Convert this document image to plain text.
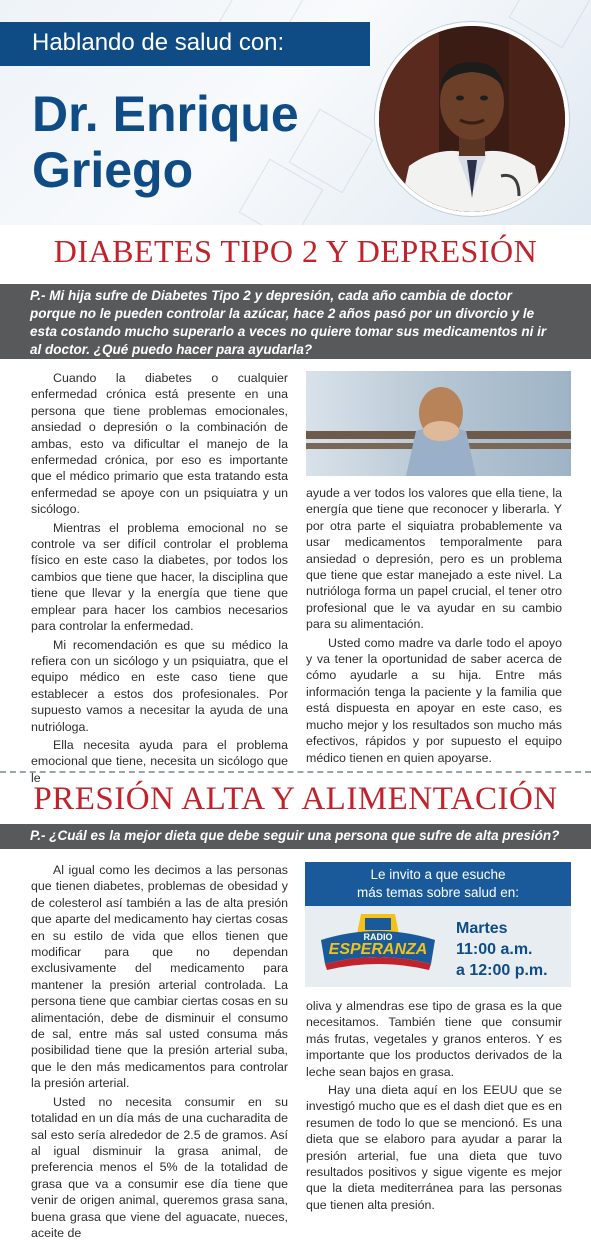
Hablando de salud con:
Dr. Enrique
Griego
DIABETES TIPO 2 Y DEPRESIÓN
P.- Mi hija sufre de Diabetes Tipo 2 y depresión, cada año cambia de doctor porque no le pueden controlar la azúcar, hace 2 años pasó por un divorcio y le esta costando mucho superarlo a veces no quiere tomar sus medicamentos ni ir al doctor. ¿Qué puedo hacer para ayudarla?

Cuando la diabetes o cualquier enfermedad crónica está presente en una persona que tiene problemas emocionales, ansiedad o depresión o la combinación de ambas, esto va dificultar el manejo de la enfermedad crónica, por eso es importante que el médico primario que esta tratando esta enfermedad se apoye con un psiquiatra y un sicólogo.

Mientras el problema emocional no se controle va ser difícil controlar el problema físico en este caso la diabetes, por todos los cambios que tiene que hacer, la disciplina que tiene que llevar y la energía que tiene que emplear para hacer los cambios necesarios para controlar la enfermedad.

Mi recomendación es que su médico la refiera con un sicólogo y un psiquiatra, que el equipo médico en este caso tiene que establecer a estos dos profesionales. Por supuesto vamos a necesitar la ayuda de una nutrióloga.

Ella necesita ayuda para el problema emocional que tiene, necesita un sicólogo que le

ayude a ver todos los valores que ella tiene, la energía que tiene que reconocer y liberarla. Y por otra parte el siquiatra probablemente va usar medicamentos temporalmente para ansiedad o depresión, pero es un problema que tiene que estar manejado a este nivel. La nutrióloga forma un papel crucial, el tener otro profesional que le va ayudar en su cambio para su alimentación.

Usted como madre va darle todo el apoyo y va tener la oportunidad de saber acerca de cómo ayudarle a su hija. Entre más información tenga la paciente y la familia que está dispuesta en apoyar en este caso, es mucho mejor y los resultados son mucho más efectivos, rápidos y por supuesto el equipo médico tienen en quien apoyarse.

PRESIÓN ALTA Y ALIMENTACIÓN
P.- ¿Cuál es la mejor dieta que debe seguir una persona que sufre de alta presión?

Al igual como les decimos a las personas que tienen diabetes, problemas de obesidad y de colesterol así también a las de alta presión que aparte del medicamento hay ciertas cosas en su estilo de vida que ellos tienen que modificar para que no dependan exclusivamente del medicamento para mantener la presión arterial controlada. La persona tiene que cambiar ciertas cosas en su alimentación, debe de disminuir el consumo de sal, entre más sal usted consuma más posibilidad tiene que la presión arterial suba, que le den más medicamentos para controlar la presión arterial.

Usted no necesita consumir en su totalidad en un día más de una cucharadita de sal esto sería alrededor de 2.5 de gramos. Así al igual disminuir la grasa animal, de preferencia menos el 5% de la totalidad de grasa que va a consumir ese día tiene que venir de origen animal, queremos grasa sana, buena grasa que viene del aguacate, nueces, aceite de

Le invito a que esuche
más temas sobre salud en:
RADIO
ESPERANZA
Martes
11:00 a.m.
a 12:00 p.m.

oliva y almendras ese tipo de grasa es la que necesitamos. También tiene que consumir más frutas, vegetales y granos enteros. Y es importante que los productos derivados de la leche sean bajos en grasa.

Hay una dieta aquí en los EEUU que se investigó mucho que es el dash diet que es en resumen de todo lo que se mencionó. Es una dieta que se elaboro para ayudar a parar la presión arterial, fue una dieta que tuvo resultados positivos y sigue vigente es mejor que la dieta mediterránea para las personas que tienen alta presión.
